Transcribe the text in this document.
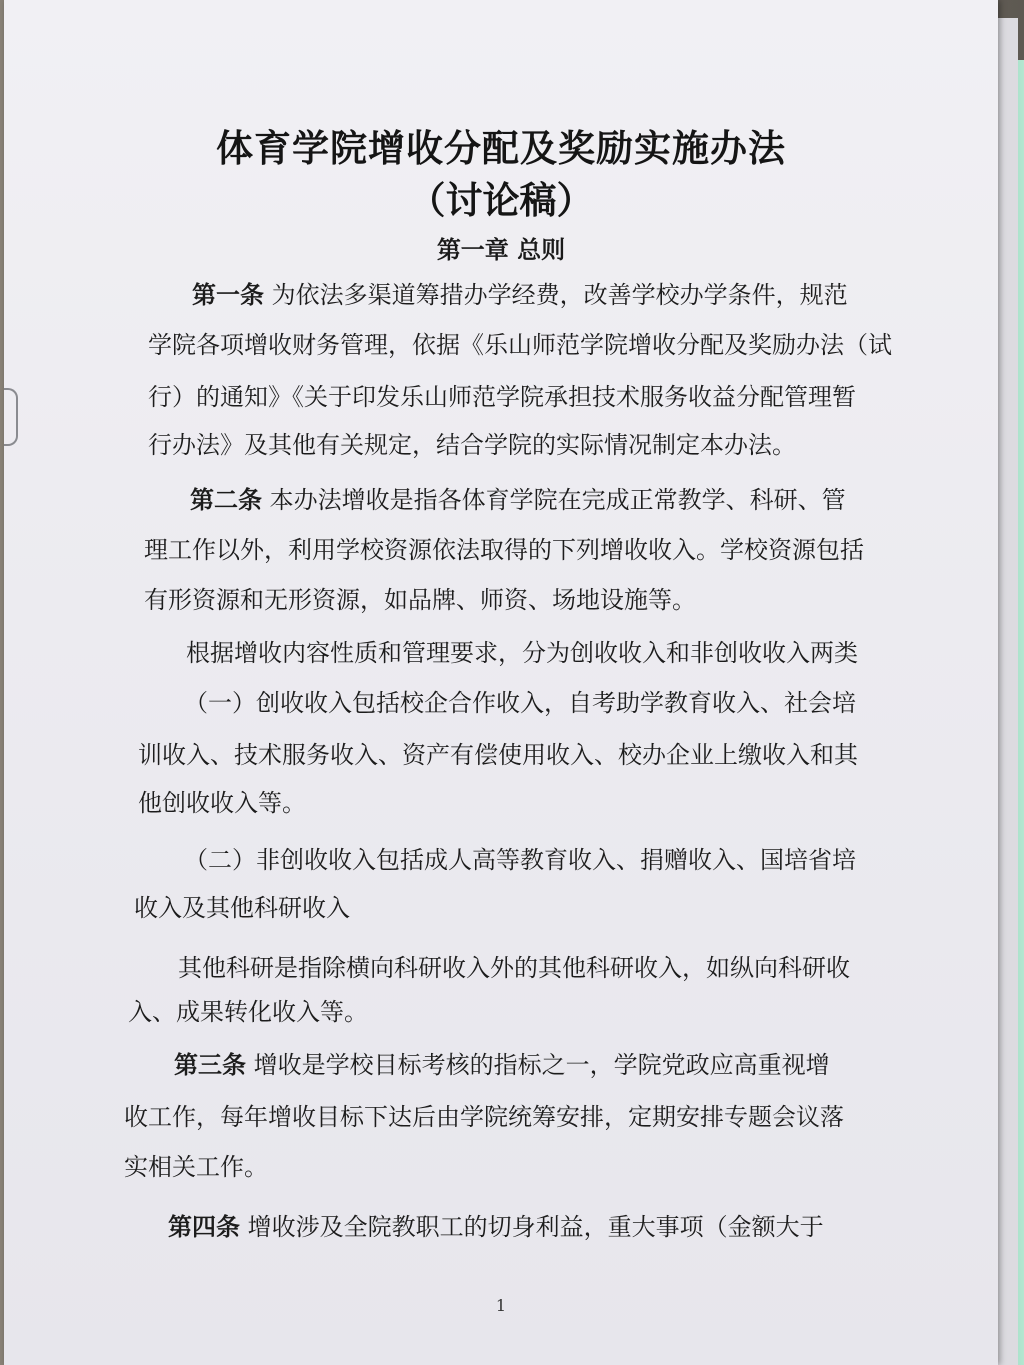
体育学院增收分配及奖励实施办法
（讨论稿）
第一章 总则
第一条 为依法多渠道筹措办学经费，改善学校办学条件，规范
学院各项增收财务管理，依据《乐山师范学院增收分配及奖励办法（试
行）的通知》《关于印发乐山师范学院承担技术服务收益分配管理暂
行办法》及其他有关规定，结合学院的实际情况制定本办法。
第二条 本办法增收是指各体育学院在完成正常教学、科研、管
理工作以外，利用学校资源依法取得的下列增收收入。学校资源包括
有形资源和无形资源，如品牌、师资、场地设施等。
根据增收内容性质和管理要求，分为创收收入和非创收收入两类
（一）创收收入包括校企合作收入，自考助学教育收入、社会培
训收入、技术服务收入、资产有偿使用收入、校办企业上缴收入和其
他创收收入等。
（二）非创收收入包括成人高等教育收入、捐赠收入、国培省培
收入及其他科研收入
其他科研是指除横向科研收入外的其他科研收入，如纵向科研收
入、成果转化收入等。
第三条 增收是学校目标考核的指标之一，学院党政应高重视增
收工作，每年增收目标下达后由学院统筹安排，定期安排专题会议落
实相关工作。
第四条 增收涉及全院教职工的切身利益，重大事项（金额大于
1
